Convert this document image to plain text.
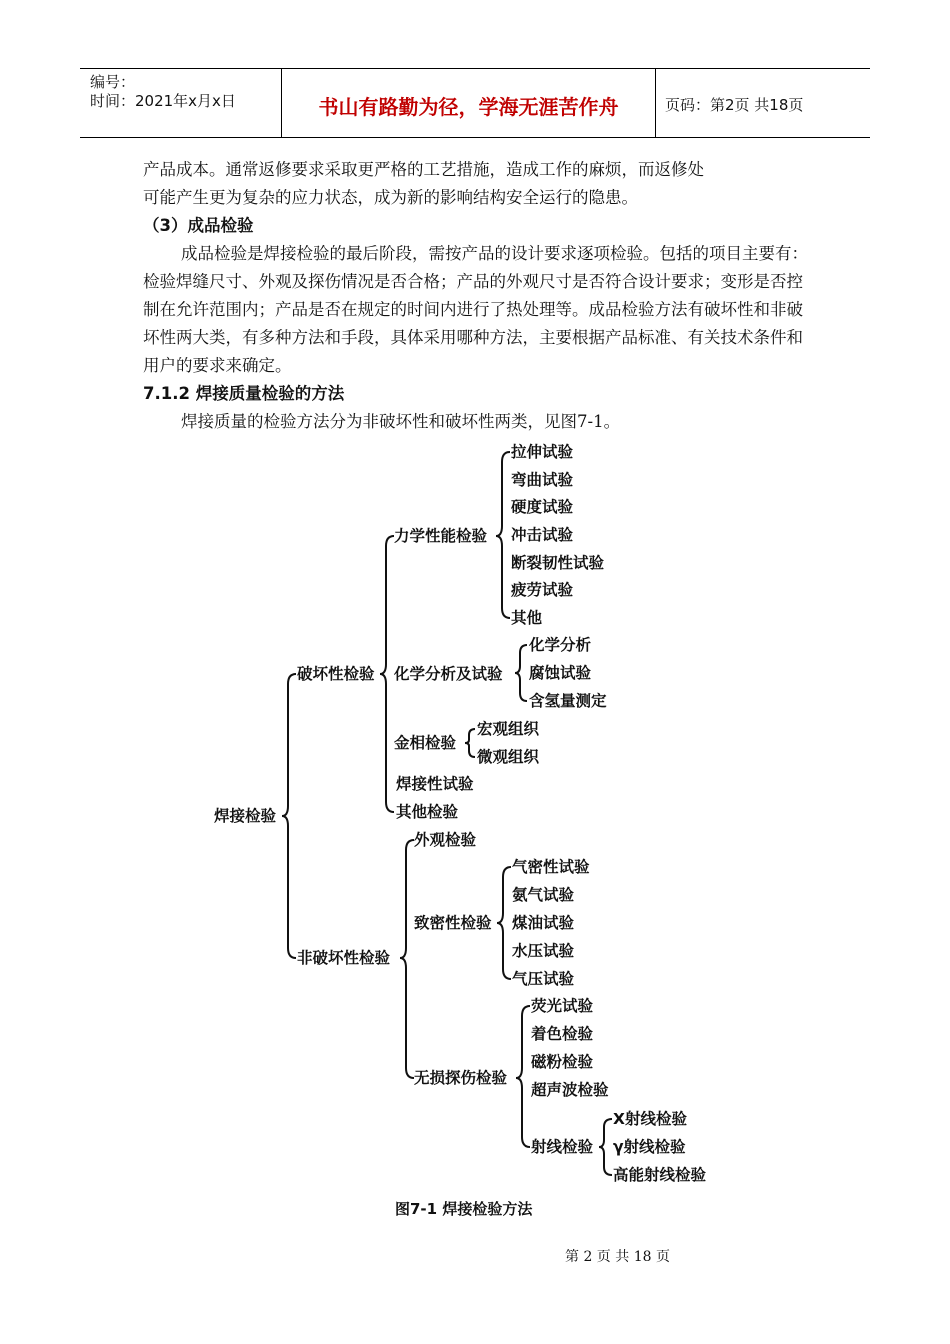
编号：
时间：2021年x月x日	书山有路勤为径，学海无涯苦作舟	页码：第2页 共18页

产品成本。通常返修要求采取更严格的工艺措施，造成工作的麻烦，而返修处

可能产生更为复杂的应力状态，成为新的影响结构安全运行的隐患。

（3）成品检验

成品检验是焊接检验的最后阶段，需按产品的设计要求逐项检验。包括的项目主要有：检验焊缝尺寸、外观及探伤情况是否合格；产品的外观尺寸是否符合设计要求；变形是否控制在允许范围内；产品是否在规定的时间内进行了热处理等。成品检验方法有破坏性和非破坏性两大类，有多种方法和手段，具体采用哪种方法，主要根据产品标准、有关技术条件和用户的要求来确定。

7.1.2 焊接质量检验的方法

焊接质量的检验方法分为非破坏性和破坏性两类，见图7-1。

焊接检验
破坏性检验
力学性能检验
拉伸试验
弯曲试验
硬度试验
冲击试验
断裂韧性试验
疲劳试验
其他
化学分析及试验
化学分析
腐蚀试验
含氢量测定
金相检验
宏观组织
微观组织
焊接性试验
其他检验
非破坏性检验
外观检验
致密性检验
气密性试验
氨气试验
煤油试验
水压试验
气压试验
无损探伤检验
荧光试验
着色检验
磁粉检验
超声波检验
射线检验
X射线检验
γ射线检验
高能射线检验
图7-1 焊接检验方法
第 2 页 共 18 页
